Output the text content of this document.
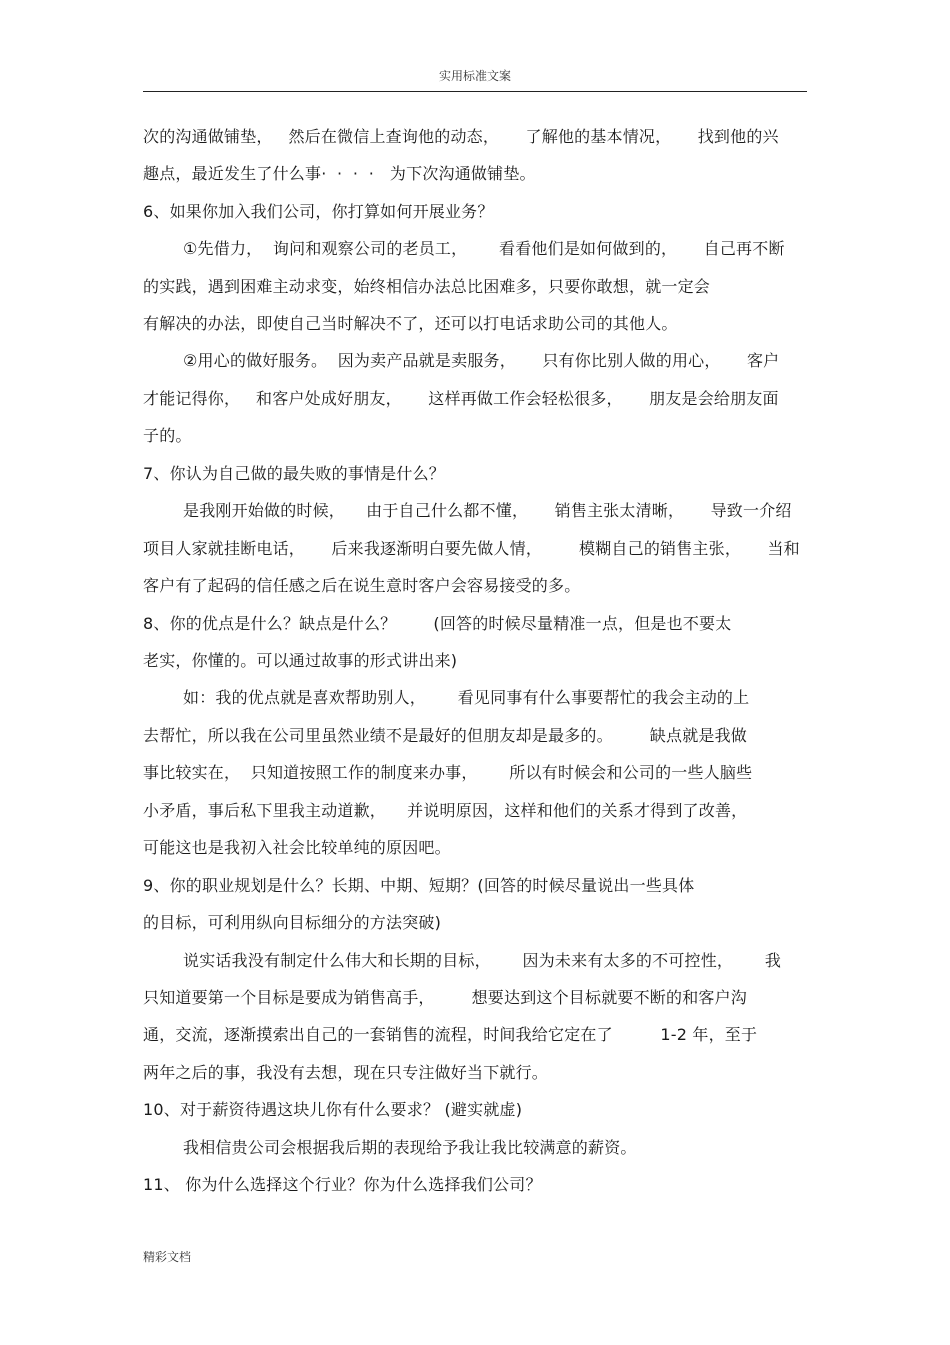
实用标准文案
次的沟通做铺垫，   然后在微信上查询他的动态，     了解他的基本情况，     找到他的兴
趣点，最近发生了什么事·  ·  ·  ·   为下次沟通做铺垫。
6、如果你加入我们公司，你打算如何开展业务？
①先借力，  询问和观察公司的老员工，      看看他们是如何做到的，     自己再不断
的实践，遇到困难主动求变，始终相信办法总比困难多，只要你敢想，就一定会
有解决的办法，即使自己当时解决不了，还可以打电话求助公司的其他人。
②用心的做好服务。  因为卖产品就是卖服务，     只有你比别人做的用心，     客户
才能记得你，   和客户处成好朋友，     这样再做工作会轻松很多，     朋友是会给朋友面
子的。
7、你认为自己做的最失败的事情是什么？
是我刚开始做的时候，    由于自己什么都不懂，     销售主张太清晰，     导致一介绍
项目人家就挂断电话，     后来我逐渐明白要先做人情，       模糊自己的销售主张，     当和
客户有了起码的信任感之后在说生意时客户会容易接受的多。
8、你的优点是什么？缺点是什么？       (回答的时候尽量精准一点，但是也不要太
老实，你懂的。可以通过故事的形式讲出来)
如：我的优点就是喜欢帮助别人，      看见同事有什么事要帮忙的我会主动的上
去帮忙，所以我在公司里虽然业绩不是最好的但朋友却是最多的。       缺点就是我做
事比较实在，  只知道按照工作的制度来办事，      所以有时候会和公司的一些人脑些
小矛盾，事后私下里我主动道歉，    并说明原因，这样和他们的关系才得到了改善，
可能这也是我初入社会比较单纯的原因吧。
9、你的职业规划是什么？长期、中期、短期？(回答的时候尽量说出一些具体
的目标，可利用纵向目标细分的方法突破)
说实话我没有制定什么伟大和长期的目标，      因为未来有太多的不可控性，      我
只知道要第一个目标是要成为销售高手，       想要达到这个目标就要不断的和客户沟
通，交流，逐渐摸索出自己的一套销售的流程，时间我给它定在了         1-2 年，至于
两年之后的事，我没有去想，现在只专注做好当下就行。
10、对于薪资待遇这块儿你有什么要求？ (避实就虚)
我相信贵公司会根据我后期的表现给予我让我比较满意的薪资。
11、 你为什么选择这个行业？你为什么选择我们公司？
精彩文档
